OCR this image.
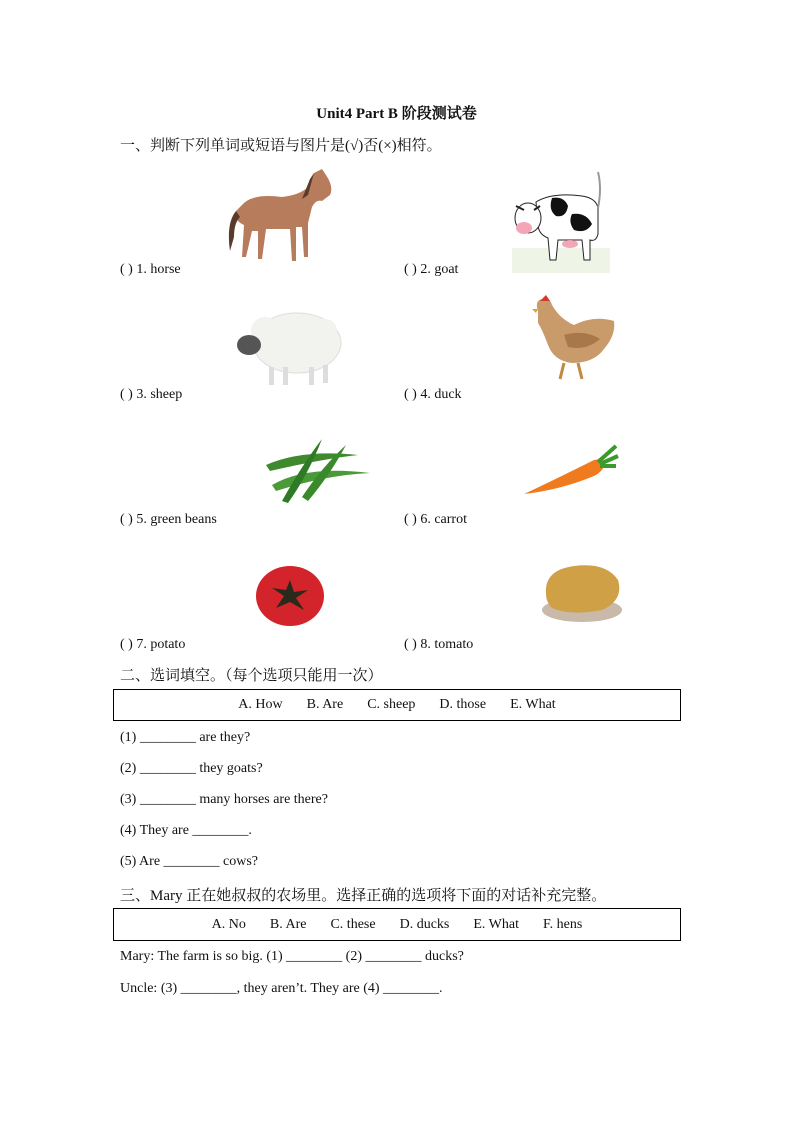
Unit4 Part B 阶段测试卷
一、判断下列单词或短语与图片是(√)否(×)相符。
( ) 1. horse	( ) 2. goat
( ) 3. sheep	( ) 4. duck
( ) 5. green beans	( ) 6. carrot
( ) 7. potato	( ) 8. tomato
二、选词填空。（每个选项只能用一次）
A. How B. Are C. sheep D. those E. What
(1) ________ are they?
(2) ________ they goats?
(3) ________ many horses are there?
(4) They are ________.
(5) Are ________ cows?
三、Mary 正在她叔叔的农场里。选择正确的选项将下面的对话补充完整。
A. No B. Are C. these D. ducks E. What F. hens
Mary: The farm is so big. (1) ________ (2) ________ ducks?
Uncle: (3) ________, they aren’t. They are (4) ________.
